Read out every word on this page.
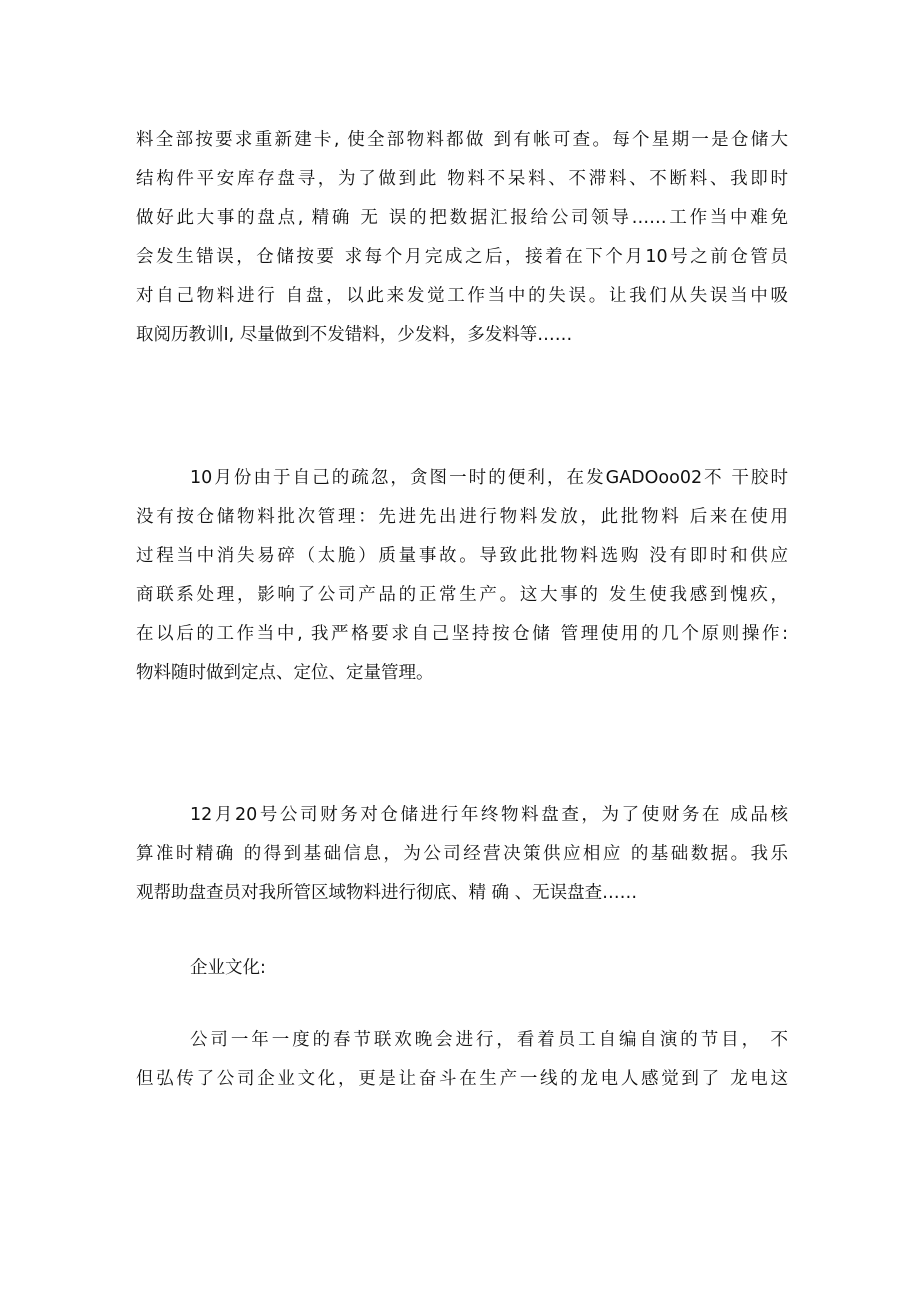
料全部按要求重新建卡, 使全部物料都做 到有帐可查。每个星期一是仓储大
结构件平安库存盘寻，为了做到此 物料不呆料、不滞料、不断料、我即时
做好此大事的盘点, 精确 无 误的把数据汇报给公司领导……工作当中难免
会发生错误，仓储按要 求每个月完成之后，接着在下个月10号之前仓管员
对自己物料进行 自盘，以此来发觉工作当中的失误。让我们从失误当中吸
取阅历教训I, 尽量做到不发错料，少发料，多发料等……
10月份由于自己的疏忽，贪图一时的便利，在发GADOoo02不 干胶时
没有按仓储物料批次管理：先进先出进行物料发放，此批物料 后来在使用
过程当中消失易碎（太脆）质量事故。导致此批物料选购 没有即时和供应
商联系处理，影响了公司产品的正常生产。这大事的 发生使我感到愧疚，
在以后的工作当中, 我严格要求自己坚持按仓储 管理使用的几个原则操作:
物料随时做到定点、定位、定量管理。
12月20号公司财务对仓储进行年终物料盘查，为了使财务在 成品核
算准时精确 的得到基础信息，为公司经营决策供应相应 的基础数据。我乐
观帮助盘查员对我所管区域物料进行彻底、精 确 、无误盘查……
企业文化:
公司一年一度的春节联欢晚会进行，看着员工自编自演的节目， 不
但弘传了公司企业文化，更是让奋斗在生产一线的龙电人感觉到了 龙电这
